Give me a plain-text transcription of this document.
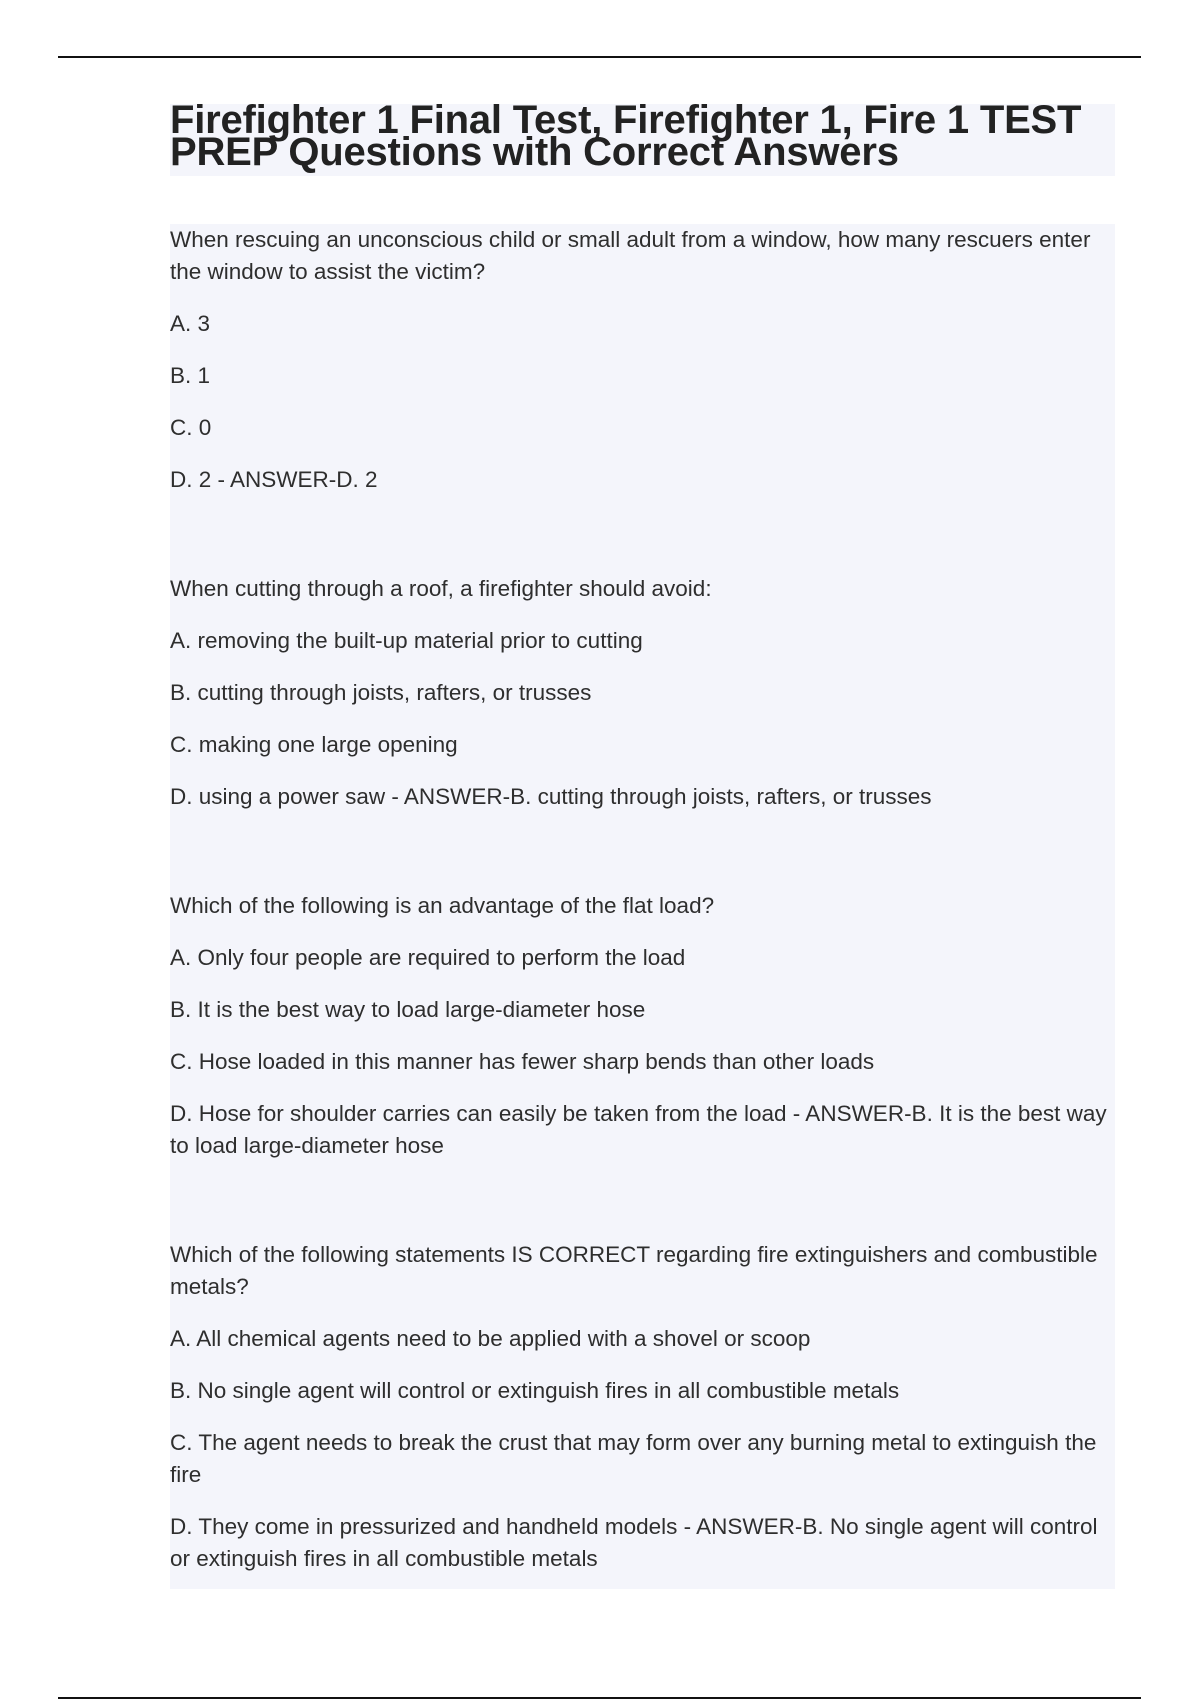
Firefighter 1 Final Test, Firefighter 1, Fire 1 TEST PREP Questions with Correct Answers

When rescuing an unconscious child or small adult from a window, how many rescuers enter the window to assist the victim?

A. 3

B. 1

C. 0

D. 2 - ANSWER-D. 2

When cutting through a roof, a firefighter should avoid:

A. removing the built-up material prior to cutting

B. cutting through joists, rafters, or trusses

C. making one large opening

D. using a power saw - ANSWER-B. cutting through joists, rafters, or trusses

Which of the following is an advantage of the flat load?

A. Only four people are required to perform the load

B. It is the best way to load large-diameter hose

C. Hose loaded in this manner has fewer sharp bends than other loads

D. Hose for shoulder carries can easily be taken from the load - ANSWER-B. It is the best way to load large-diameter hose

Which of the following statements IS CORRECT regarding fire extinguishers and combustible metals?

A. All chemical agents need to be applied with a shovel or scoop

B. No single agent will control or extinguish fires in all combustible metals

C. The agent needs to break the crust that may form over any burning metal to extinguish the fire

D. They come in pressurized and handheld models - ANSWER-B. No single agent will control or extinguish fires in all combustible metals
